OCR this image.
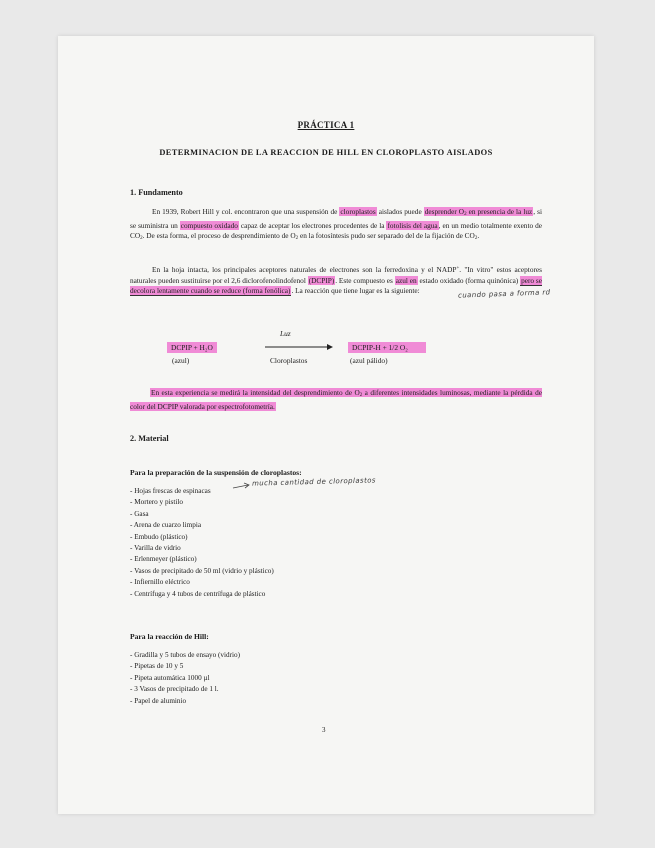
PRÁCTICA 1
DETERMINACION DE LA REACCION DE HILL EN CLOROPLASTO AISLADOS
1. Fundamento
En 1939, Robert Hill y col. encontraron que una suspensión de cloroplastos aislados puede desprender $O_2$ en presencia de la luz, si se suministra un compuesto oxidado capaz de aceptar los electrones procedentes de la fotolisis del agua, en un medio totalmente exento de $CO_2$. De esta forma, el proceso de desprendimiento de $O_2$ en la fotosíntesis pudo ser separado del de la fijación de $CO_2$.
En la hoja intacta, los principales aceptores naturales de electrones son la ferredoxina y el NADP+. "In vitro" estos aceptores naturales pueden sustituirse por el 2,6 diclorofenolindofenol (DCPIP). Este compuesto es azul en estado oxidado (forma quinónica) pero se decolora lentamente cuando se reduce (forma fenólica). La reacción que tiene lugar es la siguiente:	cuando pasa a forma rd
DCPIP + H₂O
(azul)
Luz
Cloroplastos
DCPIP-H + 1/2 O₂
(azul pálido)
En esta experiencia se medirá la intensidad del desprendimiento de $O_2$ a diferentes intensidades luminosas, mediante la pérdida de color del DCPIP valorada por espectrofotometría.
2. Material
Para la preparación de la suspensión de cloroplastos:
- Hojas frescas de espinacas
- Mortero y pistilo
- Gasa
- Arena de cuarzo limpia
- Embudo (plástico)
- Varilla de vidrio
- Erlenmeyer (plástico)
- Vasos de precipitado de 50 ml (vidrio y plástico)
- Infiernillo eléctrico
- Centrífuga y 4 tubos de centrífuga de plástico
mucha cantidad de cloroplastos
Para la reacción de Hill:
- Gradilla y 5 tubos de ensayo (vidrio)
- Pipetas de 10 y 5
- Pipeta automática 1000 µl
- 3 Vasos de precipitado de 1 l.
- Papel de aluminio
3
